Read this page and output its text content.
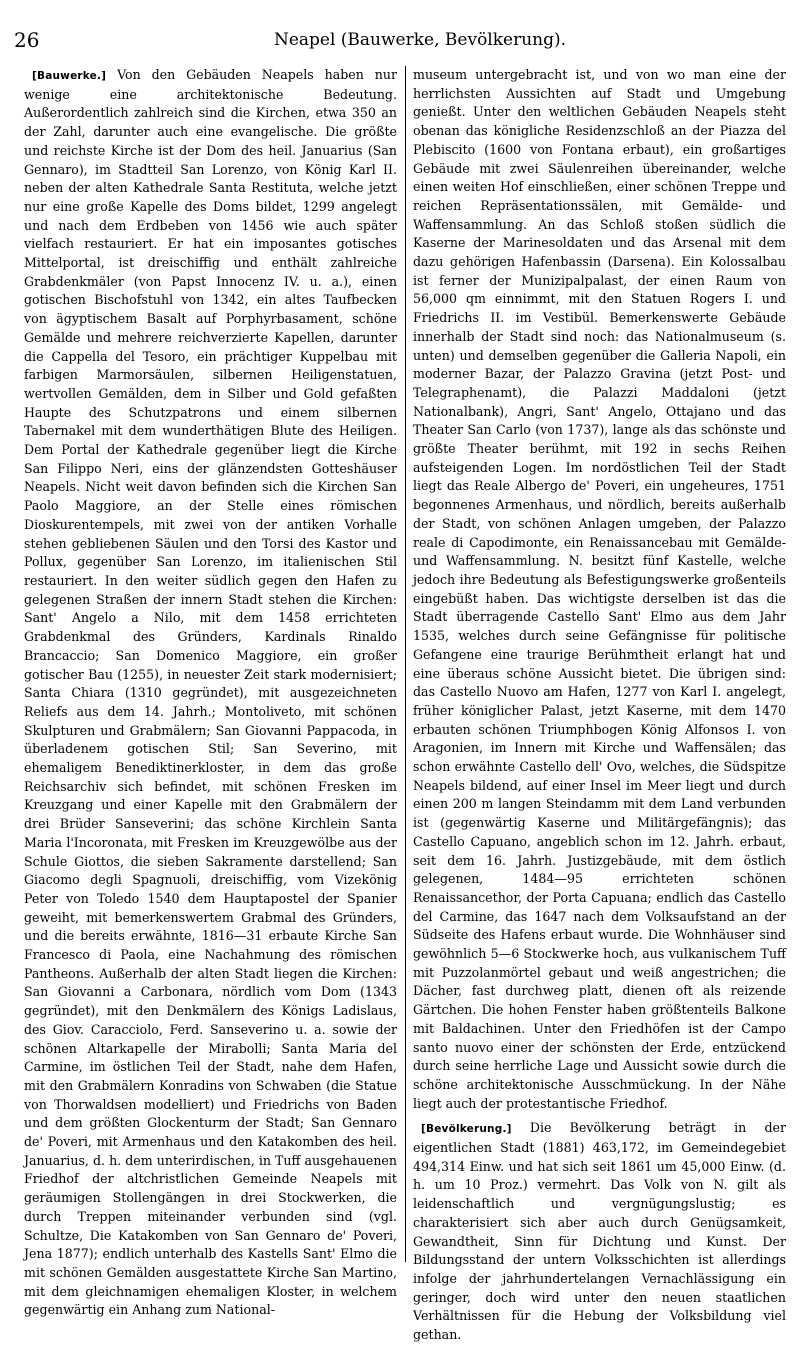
26	Neapel (Bauwerke, Bevölkerung).

[Bauwerke.] Von den Gebäuden Neapels haben nur wenige eine architektonische Bedeutung. Außerordentlich zahlreich sind die Kirchen, etwa 350 an der Zahl, darunter auch eine evangelische. Die größte und reichste Kirche ist der Dom des heil. Januarius (San Gennaro), im Stadtteil San Lorenzo, von König Karl II. neben der alten Kathedrale Santa Restituta, welche jetzt nur eine große Kapelle des Doms bildet, 1299 angelegt und nach dem Erdbeben von 1456 wie auch später vielfach restauriert. Er hat ein imposantes gotisches Mittelportal, ist dreischiffig und enthält zahlreiche Grabdenkmäler (von Papst Innocenz IV. u. a.), einen gotischen Bischofstuhl von 1342, ein altes Taufbecken von ägyptischem Basalt auf Porphyrbasament, schöne Gemälde und mehrere reichverzierte Kapellen, darunter die Cappella del Tesoro, ein prächtiger Kuppelbau mit farbigen Marmorsäulen, silbernen Heiligenstatuen, wertvollen Gemälden, dem in Silber und Gold gefaßten Haupte des Schutzpatrons und einem silbernen Tabernakel mit dem wunderthätigen Blute des Heiligen. Dem Portal der Kathedrale gegenüber liegt die Kirche San Filippo Neri, eins der glänzendsten Gotteshäuser Neapels. Nicht weit davon befinden sich die Kirchen San Paolo Maggiore, an der Stelle eines römischen Dioskurentempels, mit zwei von der antiken Vorhalle stehen gebliebenen Säulen und den Torsi des Kastor und Pollux, gegenüber San Lorenzo, im italienischen Stil restauriert. In den weiter südlich gegen den Hafen zu gelegenen Straßen der innern Stadt stehen die Kirchen: Sant' Angelo a Nilo, mit dem 1458 errichteten Grabdenkmal des Gründers, Kardinals Rinaldo Brancaccio; San Domenico Maggiore, ein großer gotischer Bau (1255), in neuester Zeit stark modernisiert; Santa Chiara (1310 gegründet), mit ausgezeichneten Reliefs aus dem 14. Jahrh.; Montoliveto, mit schönen Skulpturen und Grabmälern; San Giovanni Pappacoda, in überladenem gotischen Stil; San Severino, mit ehemaligem Benediktinerkloster, in dem das große Reichsarchiv sich befindet, mit schönen Fresken im Kreuzgang und einer Kapelle mit den Grabmälern der drei Brüder Sanseverini; das schöne Kirchlein Santa Maria l'Incoronata, mit Fresken im Kreuzgewölbe aus der Schule Giottos, die sieben Sakramente darstellend; San Giacomo degli Spagnuoli, dreischiffig, vom Vizekönig Peter von Toledo 1540 dem Hauptapostel der Spanier geweiht, mit bemerkenswertem Grabmal des Gründers, und die bereits erwähnte, 1816—31 erbaute Kirche San Francesco di Paola, eine Nachahmung des römischen Pantheons. Außerhalb der alten Stadt liegen die Kirchen: San Giovanni a Carbonara, nördlich vom Dom (1343 gegründet), mit den Denkmälern des Königs Ladislaus, des Giov. Caracciolo, Ferd. Sanseverino u. a. sowie der schönen Altarkapelle der Mirabolli; Santa Maria del Carmine, im östlichen Teil der Stadt, nahe dem Hafen, mit den Grabmälern Konradins von Schwaben (die Statue von Thorwaldsen modelliert) und Friedrichs von Baden und dem größten Glockenturm der Stadt; San Gennaro de' Poveri, mit Armenhaus und den Katakomben des heil. Januarius, d. h. dem unterirdischen, in Tuff ausgehauenen Friedhof der altchristlichen Gemeinde Neapels mit geräumigen Stollengängen in drei Stockwerken, die durch Treppen miteinander verbunden sind (vgl. Schultze, Die Katakomben von San Gennaro de' Poveri, Jena 1877); endlich unterhalb des Kastells Sant' Elmo die mit schönen Gemälden ausgestattete Kirche San Martino, mit dem gleichnamigen ehemaligen Kloster, in welchem gegenwärtig ein Anhang zum National-

museum untergebracht ist, und von wo man eine der herrlichsten Aussichten auf Stadt und Umgebung genießt. Unter den weltlichen Gebäuden Neapels steht obenan das königliche Residenzschloß an der Piazza del Plebiscito (1600 von Fontana erbaut), ein großartiges Gebäude mit zwei Säulenreihen übereinander, welche einen weiten Hof einschließen, einer schönen Treppe und reichen Repräsentationssälen, mit Gemälde- und Waffensammlung. An das Schloß stoßen südlich die Kaserne der Marinesoldaten und das Arsenal mit dem dazu gehörigen Hafenbassin (Darsena). Ein Kolossalbau ist ferner der Munizipalpalast, der einen Raum von 56,000 qm einnimmt, mit den Statuen Rogers I. und Friedrichs II. im Vestibül. Bemerkenswerte Gebäude innerhalb der Stadt sind noch: das Nationalmuseum (s. unten) und demselben gegenüber die Galleria Napoli, ein moderner Bazar, der Palazzo Gravina (jetzt Post- und Telegraphenamt), die Palazzi Maddaloni (jetzt Nationalbank), Angri, Sant' Angelo, Ottajano und das Theater San Carlo (von 1737), lange als das schönste und größte Theater berühmt, mit 192 in sechs Reihen aufsteigenden Logen. Im nordöstlichen Teil der Stadt liegt das Reale Albergo de' Poveri, ein ungeheures, 1751 begonnenes Armenhaus, und nördlich, bereits außerhalb der Stadt, von schönen Anlagen umgeben, der Palazzo reale di Capodimonte, ein Renaissancebau mit Gemälde- und Waffensammlung. N. besitzt fünf Kastelle, welche jedoch ihre Bedeutung als Befestigungswerke großenteils eingebüßt haben. Das wichtigste derselben ist das die Stadt überragende Castello Sant' Elmo aus dem Jahr 1535, welches durch seine Gefängnisse für politische Gefangene eine traurige Berühmtheit erlangt hat und eine überaus schöne Aussicht bietet. Die übrigen sind: das Castello Nuovo am Hafen, 1277 von Karl I. angelegt, früher königlicher Palast, jetzt Kaserne, mit dem 1470 erbauten schönen Triumphbogen König Alfonsos I. von Aragonien, im Innern mit Kirche und Waffensälen; das schon erwähnte Castello dell' Ovo, welches, die Südspitze Neapels bildend, auf einer Insel im Meer liegt und durch einen 200 m langen Steindamm mit dem Land verbunden ist (gegenwärtig Kaserne und Militärgefängnis); das Castello Capuano, angeblich schon im 12. Jahrh. erbaut, seit dem 16. Jahrh. Justizgebäude, mit dem östlich gelegenen, 1484—95 errichteten schönen Renaissancethor, der Porta Capuana; endlich das Castello del Carmine, das 1647 nach dem Volksaufstand an der Südseite des Hafens erbaut wurde. Die Wohnhäuser sind gewöhnlich 5—6 Stockwerke hoch, aus vulkanischem Tuff mit Puzzolanmörtel gebaut und weiß angestrichen; die Dächer, fast durchweg platt, dienen oft als reizende Gärtchen. Die hohen Fenster haben größtenteils Balkone mit Baldachinen. Unter den Friedhöfen ist der Campo santo nuovo einer der schönsten der Erde, entzückend durch seine herrliche Lage und Aussicht sowie durch die schöne architektonische Ausschmückung. In der Nähe liegt auch der protestantische Friedhof.

[Bevölkerung.] Die Bevölkerung beträgt in der eigentlichen Stadt (1881) 463,172, im Gemeindegebiet 494,314 Einw. und hat sich seit 1861 um 45,000 Einw. (d. h. um 10 Proz.) vermehrt. Das Volk von N. gilt als leidenschaftlich und vergnügungslustig; es charakterisiert sich aber auch durch Genügsamkeit, Gewandtheit, Sinn für Dichtung und Kunst. Der Bildungsstand der untern Volksschichten ist allerdings infolge der jahrhundertelangen Vernachlässigung ein geringer, doch wird unter den neuen staatlichen Verhältnissen für die Hebung der Volksbildung viel gethan.
